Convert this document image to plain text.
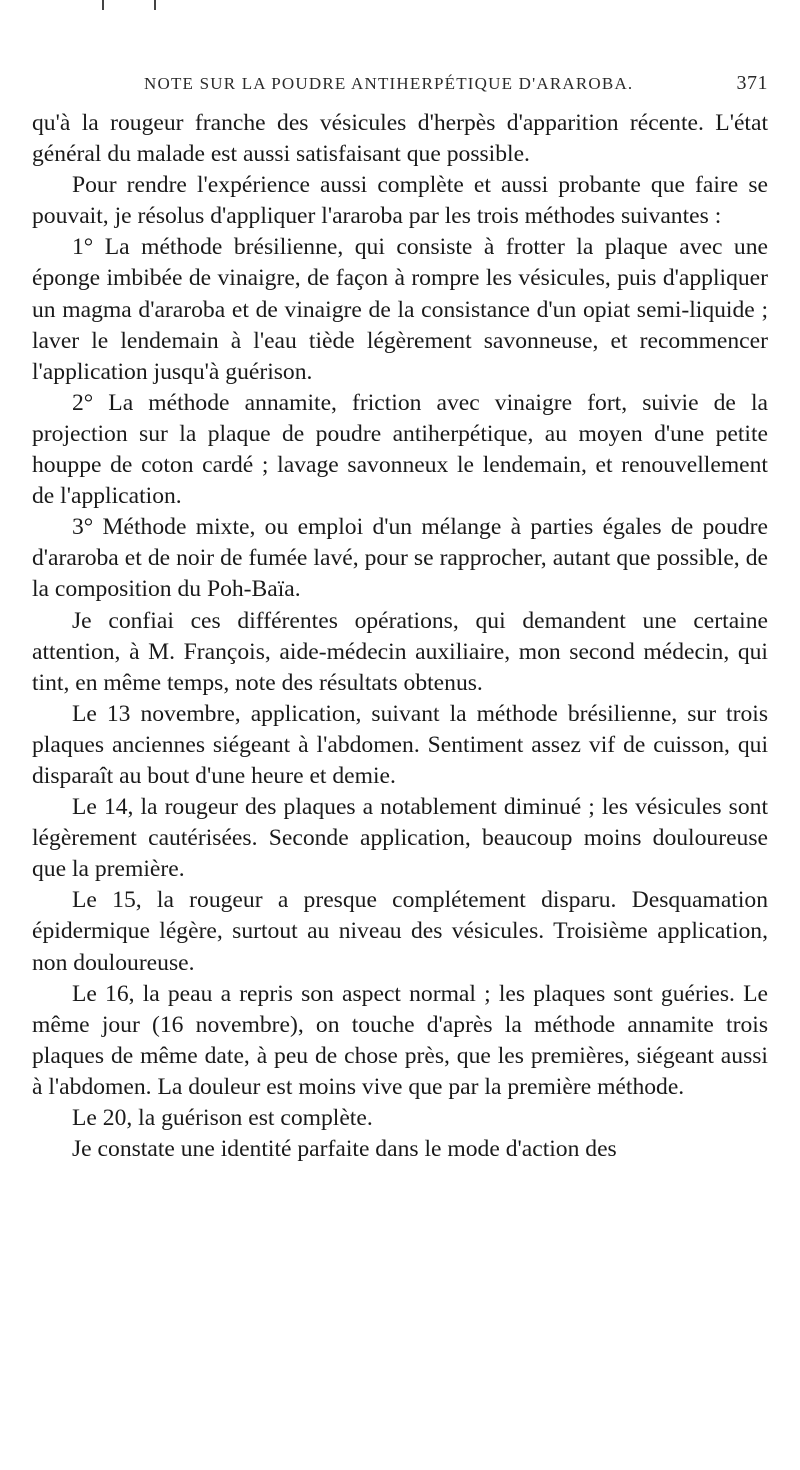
NOTE SUR LA POUDRE ANTIHERPÉTIQUE D'ARAROBA.	371

qu'à la rougeur franche des vésicules d'herpès d'apparition récente. L'état général du malade est aussi satisfaisant que possible.

Pour rendre l'expérience aussi complète et aussi probante que faire se pouvait, je résolus d'appliquer l'araroba par les trois méthodes suivantes :

1° La méthode brésilienne, qui consiste à frotter la plaque avec une éponge imbibée de vinaigre, de façon à rompre les vésicules, puis d'appliquer un magma d'araroba et de vinaigre de la consistance d'un opiat semi-liquide ; laver le lendemain à l'eau tiède légèrement savonneuse, et recommencer l'application jusqu'à guérison.

2° La méthode annamite, friction avec vinaigre fort, suivie de la projection sur la plaque de poudre antiherpétique, au moyen d'une petite houppe de coton cardé ; lavage savonneux le lendemain, et renouvellement de l'application.

3° Méthode mixte, ou emploi d'un mélange à parties égales de poudre d'araroba et de noir de fumée lavé, pour se rapprocher, autant que possible, de la composition du Poh-Baïa.

Je confiai ces différentes opérations, qui demandent une certaine attention, à M. François, aide-médecin auxiliaire, mon second médecin, qui tint, en même temps, note des résultats obtenus.

Le 13 novembre, application, suivant la méthode brésilienne, sur trois plaques anciennes siégeant à l'abdomen. Sentiment assez vif de cuisson, qui disparaît au bout d'une heure et demie.

Le 14, la rougeur des plaques a notablement diminué ; les vésicules sont légèrement cautérisées. Seconde application, beaucoup moins douloureuse que la première.

Le 15, la rougeur a presque complétement disparu. Desquamation épidermique légère, surtout au niveau des vésicules. Troisième application, non douloureuse.

Le 16, la peau a repris son aspect normal ; les plaques sont guéries. Le même jour (16 novembre), on touche d'après la méthode annamite trois plaques de même date, à peu de chose près, que les premières, siégeant aussi à l'abdomen. La douleur est moins vive que par la première méthode.

Le 20, la guérison est complète.

Je constate une identité parfaite dans le mode d'action des
